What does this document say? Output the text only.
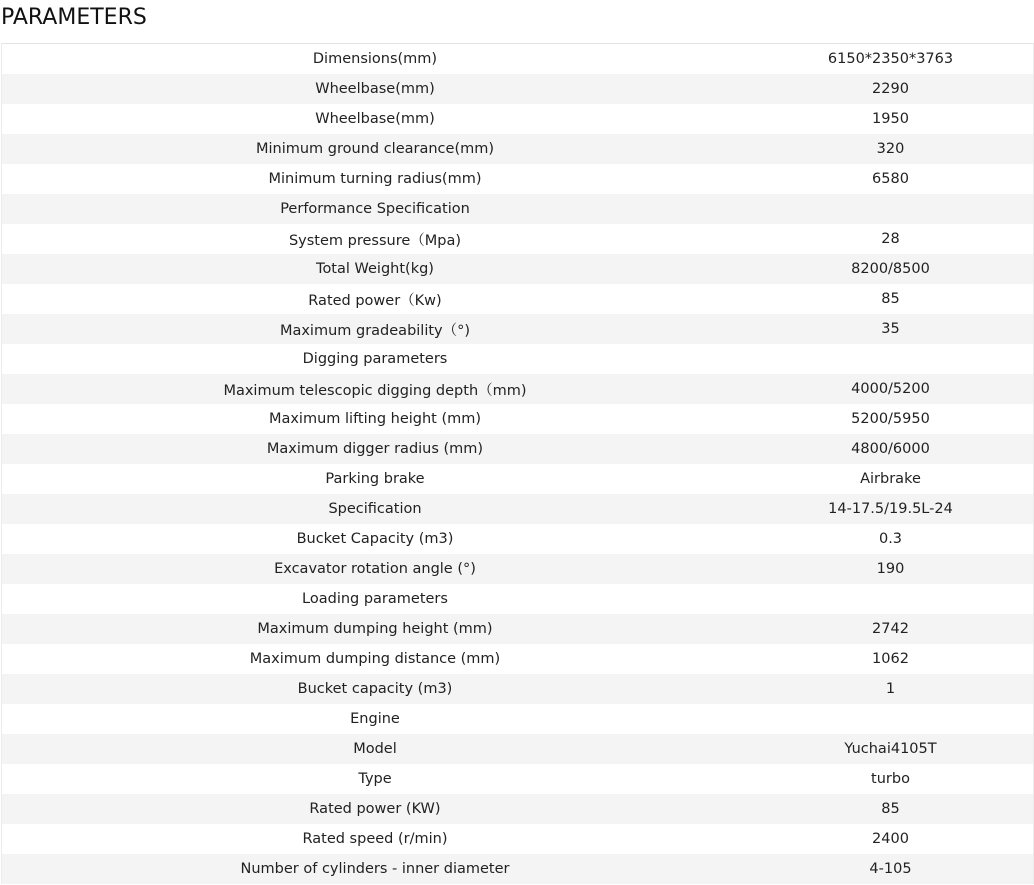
PARAMETERS
Dimensions(mm)	6150*2350*3763
Wheelbase(mm)	2290
Wheelbase(mm)	1950
Minimum ground clearance(mm)	320
Minimum turning radius(mm)	6580
Performance Specification
System pressure（Mpa)	28
Total Weight(kg)	8200/8500
Rated power（Kw)	85
Maximum gradeability（°)	35
Digging parameters
Maximum telescopic digging depth（mm)	4000/5200
Maximum lifting height (mm)	5200/5950
Maximum digger radius (mm)	4800/6000
Parking brake	Airbrake
Specification	14-17.5/19.5L-24
Bucket Capacity (m3)	0.3
Excavator rotation angle (°)	190
Loading parameters
Maximum dumping height (mm)	2742
Maximum dumping distance (mm)	1062
Bucket capacity (m3)	1
Engine
Model	Yuchai4105T
Type	turbo
Rated power (KW)	85
Rated speed (r/min)	2400
Number of cylinders - inner diameter	4-105
